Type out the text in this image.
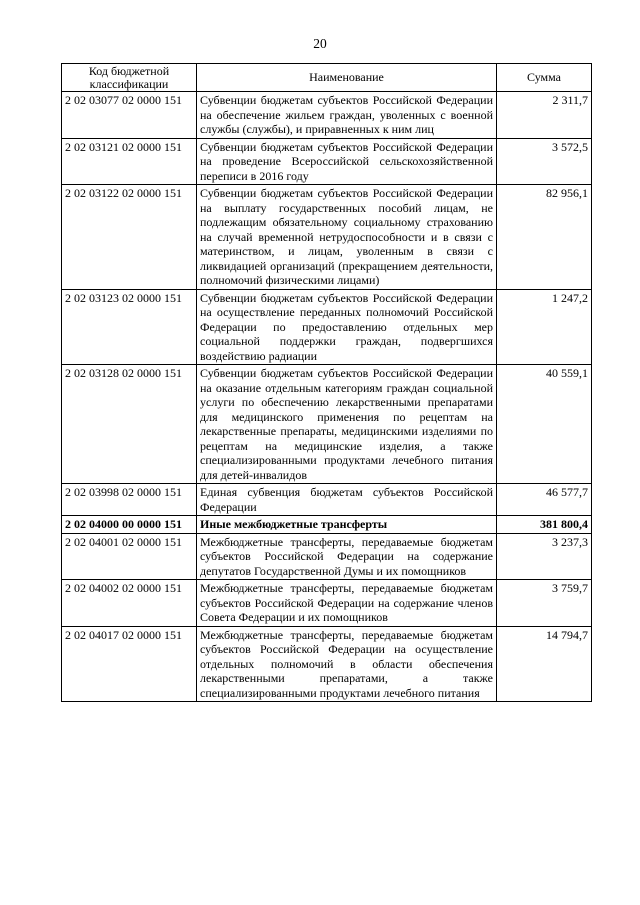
20
Код бюджетной классификации	Наименование	Сумма
2 02 03077 02 0000 151	Субвенции бюджетам субъектов Российской Федерации на обеспечение жильем граждан, уволенных с военной службы (службы), и приравненных к ним лиц	2 311,7
2 02 03121 02 0000 151	Субвенции бюджетам субъектов Российской Федерации на проведение Всероссийской сельскохозяйственной переписи в 2016 году	3 572,5
2 02 03122 02 0000 151	Субвенции бюджетам субъектов Российской Федерации на выплату государственных пособий лицам, не подлежащим обязательному социальному страхованию на случай временной нетрудоспособности и в связи с материнством, и лицам, уволенным в связи с ликвидацией организаций (прекращением деятельности, полномочий физическими лицами)	82 956,1
2 02 03123 02 0000 151	Субвенции бюджетам субъектов Российской Федерации на осуществление переданных полномочий Российской Федерации по предоставлению отдельных мер социальной поддержки граждан, подвергшихся воздействию радиации	1 247,2
2 02 03128 02 0000 151	Субвенции бюджетам субъектов Российской Федерации на оказание отдельным категориям граждан социальной услуги по обеспечению лекарственными препаратами для медицинского применения по рецептам на лекарственные препараты, медицинскими изделиями по рецептам на медицинские изделия, а также специализированными продуктами лечебного питания для детей-инвалидов	40 559,1
2 02 03998 02 0000 151	Единая субвенция бюджетам субъектов Российской Федерации	46 577,7
2 02 04000 00 0000 151	Иные межбюджетные трансферты	381 800,4
2 02 04001 02 0000 151	Межбюджетные трансферты, передаваемые бюджетам субъектов Российской Федерации на содержание депутатов Государственной Думы и их помощников	3 237,3
2 02 04002 02 0000 151	Межбюджетные трансферты, передаваемые бюджетам субъектов Российской Федерации на содержание членов Совета Федерации и их помощников	3 759,7
2 02 04017 02 0000 151	Межбюджетные трансферты, передаваемые бюджетам субъектов Российской Федерации на осуществление отдельных полномочий в области обеспечения лекарственными препаратами, а также специализированными продуктами лечебного питания	14 794,7
